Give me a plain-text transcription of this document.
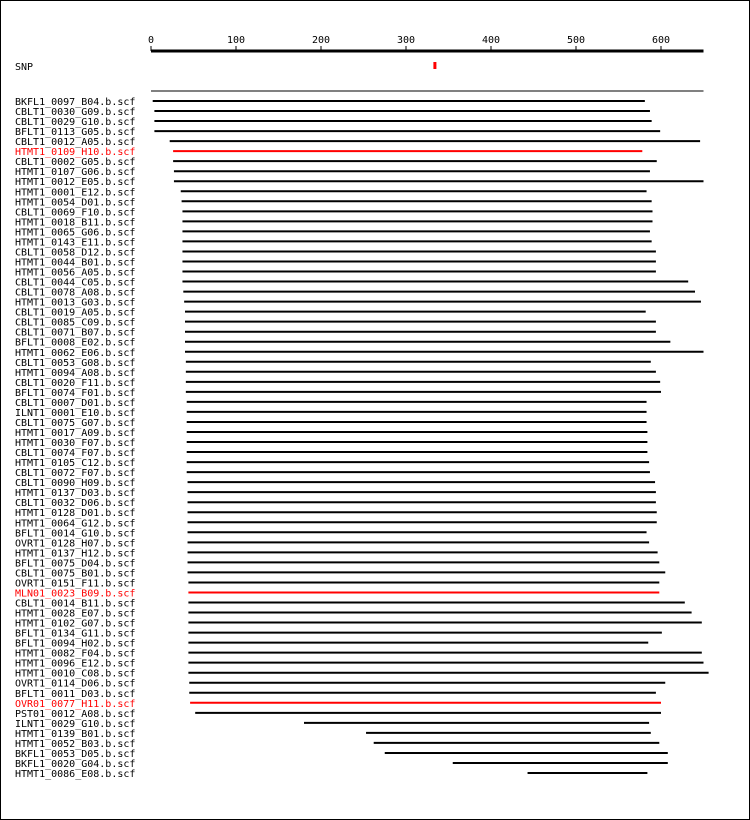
0	100	200	300	400	500	600
SNP
BKFL1_0097_B04.b.scf
CBLT1_0030_G09.b.scf
CBLT1_0029_G10.b.scf
BFLT1_0113_G05.b.scf
CBLT1_0012_A05.b.scf
HTMT1_0109_H10.b.scf
CBLT1_0002_G05.b.scf
HTMT1_0107_G06.b.scf
HTMT1_0012_E05.b.scf
HTMT1_0001_E12.b.scf
HTMT1_0054_D01.b.scf
CBLT1_0069_F10.b.scf
HTMT1_0018_B11.b.scf
HTMT1_0065_G06.b.scf
HTMT1_0143_E11.b.scf
CBLT1_0058_D12.b.scf
HTMT1_0044_B01.b.scf
HTMT1_0056_A05.b.scf
CBLT1_0044_C05.b.scf
CBLT1_0078_A08.b.scf
HTMT1_0013_G03.b.scf
CBLT1_0019_A05.b.scf
CBLT1_0085_C09.b.scf
CBLT1_0071_B07.b.scf
BFLT1_0008_E02.b.scf
HTMT1_0062_E06.b.scf
CBLT1_0053_G08.b.scf
HTMT1_0094_A08.b.scf
CBLT1_0020_F11.b.scf
BFLT1_0074_F01.b.scf
CBLT1_0007_D01.b.scf
ILNT1_0001_E10.b.scf
CBLT1_0075_G07.b.scf
HTMT1_0017_A09.b.scf
HTMT1_0030_F07.b.scf
CBLT1_0074_F07.b.scf
HTMT1_0105_C12.b.scf
CBLT1_0072_F07.b.scf
CBLT1_0090_H09.b.scf
HTMT1_0137_D03.b.scf
CBLT1_0032_D06.b.scf
HTMT1_0128_D01.b.scf
HTMT1_0064_G12.b.scf
BFLT1_0014_G10.b.scf
OVRT1_0128_H07.b.scf
HTMT1_0137_H12.b.scf
BFLT1_0075_D04.b.scf
CBLT1_0075_B01.b.scf
OVRT1_0151_F11.b.scf
MLN01_0023_B09.b.scf
CBLT1_0014_B11.b.scf
HTMT1_0028_E07.b.scf
HTMT1_0102_G07.b.scf
BFLT1_0134_G11.b.scf
BFLT1_0094_H02.b.scf
HTMT1_0082_F04.b.scf
HTMT1_0096_E12.b.scf
HTMT1_0010_C08.b.scf
OVRT1_0114_D06.b.scf
BFLT1_0011_D03.b.scf
OVR01_0077_H11.b.scf
PST01_0012_A08.b.scf
ILNT1_0029_G10.b.scf
HTMT1_0139_B01.b.scf
HTMT1_0052_B03.b.scf
BKFL1_0053_D05.b.scf
BKFL1_0020_G04.b.scf
HTMT1_0086_E08.b.scf
